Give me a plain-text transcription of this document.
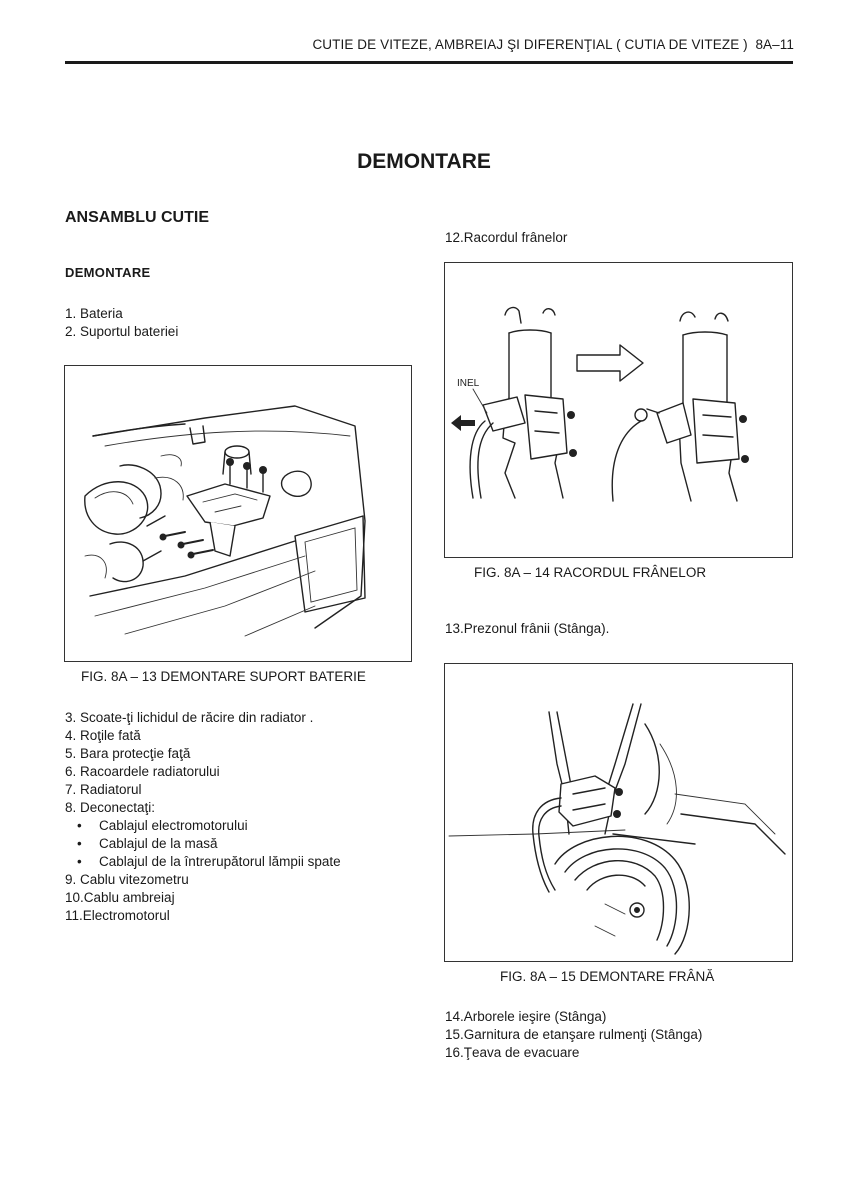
CUTIE DE VITEZE, AMBREIAJ ŞI DIFERENŢIAL ( CUTIA DE VITEZE ) 8A–11
DEMONTARE
ANSAMBLU CUTIE
DEMONTARE
1. Bateria
2. Suportul bateriei
FIG. 8A – 13 DEMONTARE SUPORT BATERIE
3. Scoate-ţi lichidul de răcire din radiator .
4. Roţile fată
5. Bara protecţie faţă
6. Racoardele radiatorului
7. Radiatorul
8. Deconectaţi:
• Cablajul electromotorului
• Cablajul de la masă
• Cablajul de la întrerupătorul lămpii spate
9. Cablu vitezometru
10.Cablu ambreiaj
11.Electromotorul
12.Racordul frânelor
INEL
FIG. 8A – 14 RACORDUL FRÂNELOR
13.Prezonul frânii (Stânga).
FIG. 8A – 15 DEMONTARE FRÂNĂ
14.Arborele ieşire (Stânga)
15.Garnitura de etanşare rulmenţi (Stânga)
16.Ţeava de evacuare
